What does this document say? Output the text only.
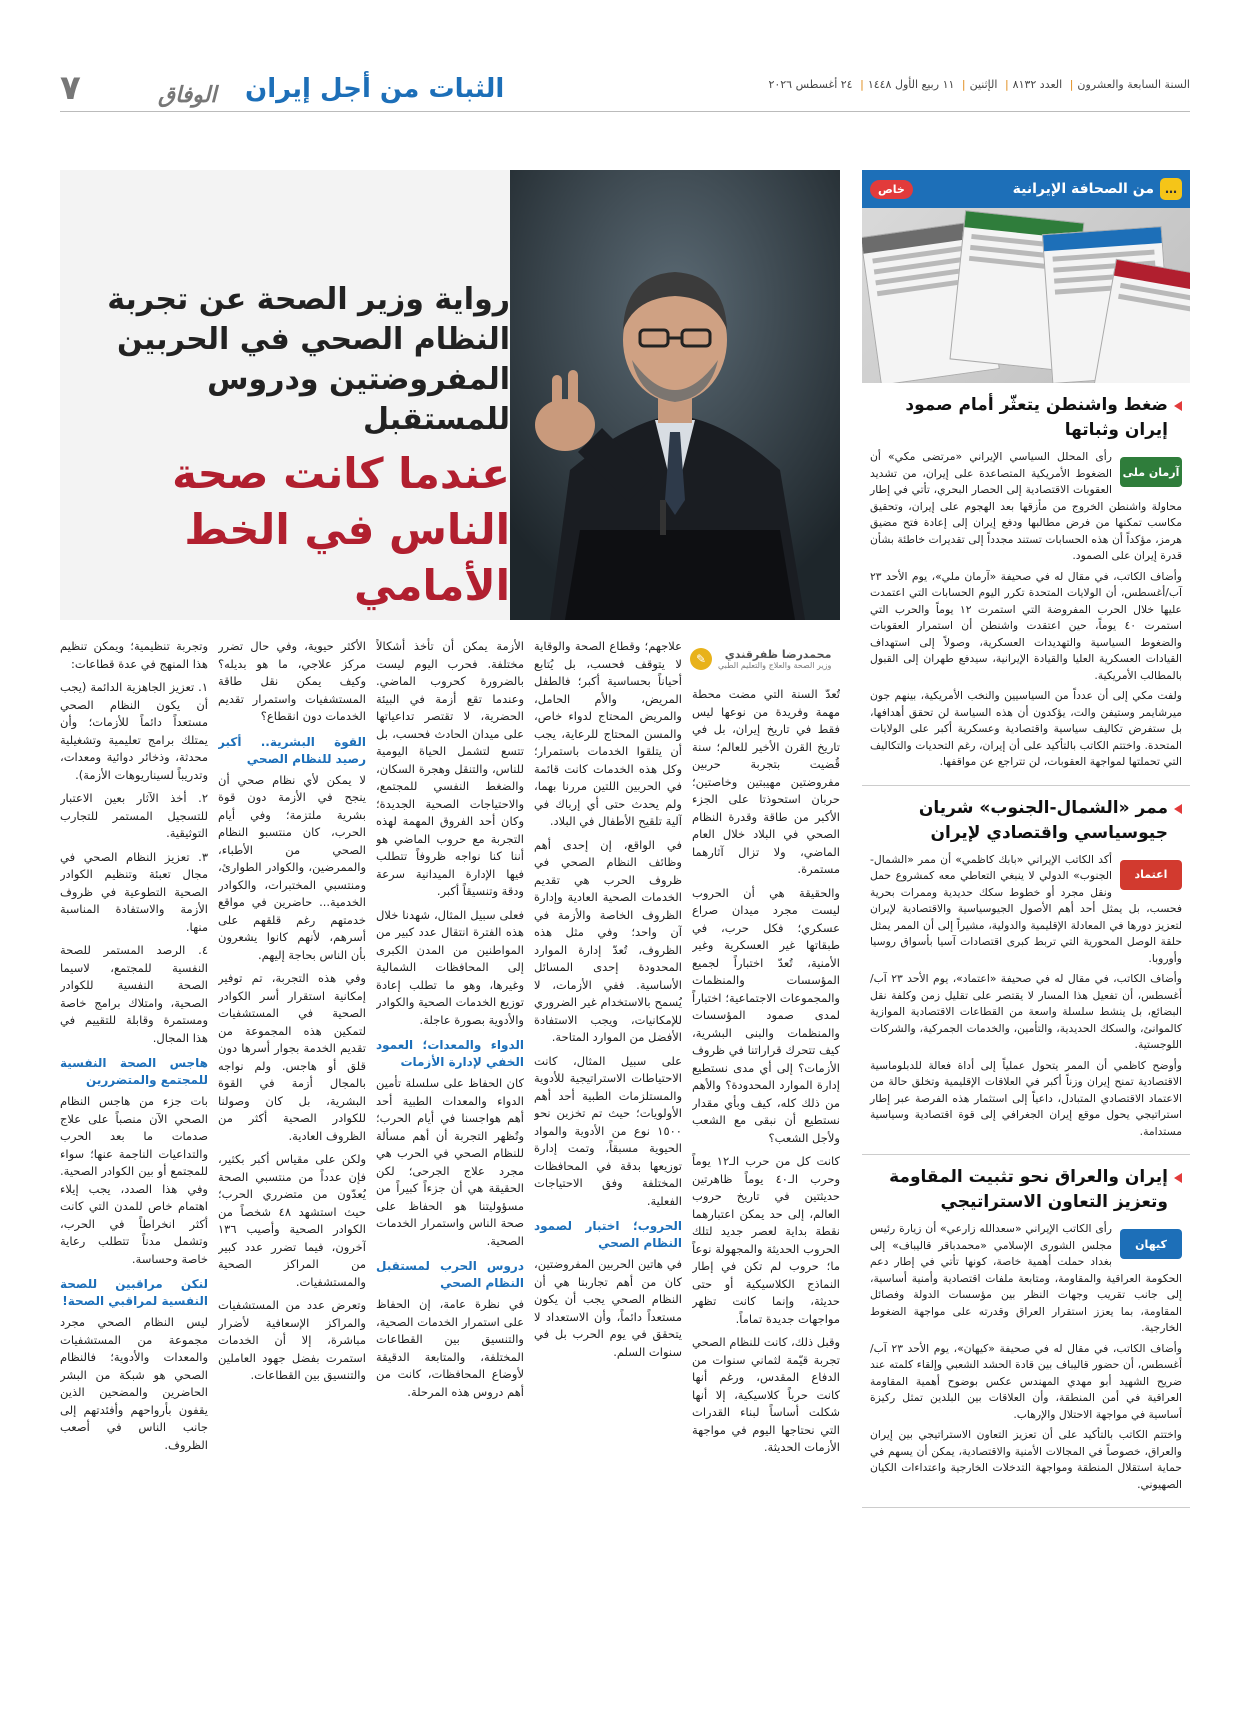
۷	الوفاق الثبات من أجل إيران	السنة السابعة والعشرون| العدد ۸۱۳۲| الإثنين| ۱۱ ربیع الأول ۱٤٤۸| ۲٤ أغسطس ۲۰۲٦
رواية وزير الصحة عن تجربة النظام الصحي في الحربين المفروضتين ودروس للمستقبل
عندما كانت صحة الناس في الخط الأمامي
محمدرضا ظفرقندي
وزير الصحة والعلاج والتعليم الطبي
✎

تُعدّ السنة التي مضت محطة مهمة وفريدة من نوعها ليس فقط في تاريخ إيران، بل في تاريخ القرن الأخير للعالم؛ سنة قُضيت بتجربة حربين مفروضتين مهيبتين وخاصتين؛ حربان استحوذتا على الجزء الأكبر من طاقة وقدرة النظام الصحي في البلاد خلال العام الماضي، ولا تزال آثارهما مستمرة.

والحقيقة هي أن الحروب ليست مجرد ميدان صراع عسكري؛ فكل حرب، في طبقاتها غير العسكرية وغير الأمنية، تُعدّ اختباراً لجميع المؤسسات والمنظمات والمجموعات الاجتماعية؛ اختباراً لمدى صمود المؤسسات والمنظمات والبنى البشرية، كيف تتحرك قراراتنا في ظروف الأزمات؟ إلى أي مدى نستطيع إدارة الموارد المحدودة؟ والأهم من ذلك كله، كيف وبأي مقدار نستطيع أن نبقى مع الشعب ولأجل الشعب؟

كانت كل من حرب الـ١٢ يوماً وحرب الـ٤٠ يوماً ظاهرتين حديثتين في تاريخ حروب العالم، إلى حد يمكن اعتبارهما نقطة بداية لعصر جديد لتلك الحروب الحديثة والمجهولة نوعاً ما؛ حروب لم تكن في إطار النماذج الكلاسيكية أو حتى حديثة، وإنما كانت تظهر مواجهات جديدة تماماً.

وقبل ذلك، كانت للنظام الصحي تجربة قيّمة لثماني سنوات من الدفاع المقدس، ورغم أنها كانت حرباً كلاسيكية، إلا أنها شكلت أساساً لبناء القدرات التي نحتاجها اليوم في مواجهة الأزمات الحديثة.

علاجهم؛ وقطاع الصحة والوقاية لا يتوقف فحسب، بل يُتابع أحياناً بحساسية أكبر؛ فالطفل المريض، والأم الحامل، والمريض المحتاج لدواء خاص، والمسن المحتاج للرعاية، يجب أن يتلقوا الخدمات باستمرار؛ وكل هذه الخدمات كانت قائمة في الحربين اللتين مررنا بهما، ولم يحدث حتى أي إرباك في آلية تلقيح الأطفال في البلاد.

في الواقع، إن إحدى أهم وظائف النظام الصحي في ظروف الحرب هي تقديم الخدمات الصحية العادية وإدارة الظروف الخاصة والأزمة في آن واحد؛ وفي مثل هذه الظروف، تُعدّ إدارة الموارد المحدودة إحدى المسائل الأساسية. ففي الأزمات، لا يُسمح بالاستخدام غير الضروري للإمكانيات، ويجب الاستفادة الأفضل من الموارد المتاحة.

على سبيل المثال، كانت الاحتياطات الاستراتيجية للأدوية والمستلزمات الطبية أحد أهم الأولويات؛ حيث تم تخزين نحو ١٥٠٠ نوع من الأدوية والمواد الحيوية مسبقاً، وتمت إدارة توزيعها بدقة في المحافظات المختلفة وفق الاحتياجات الفعلية.

الحروب؛ اختبار لصمود النظام الصحي

في هاتين الحربين المفروضتين، كان من أهم تجاربنا هي أن النظام الصحي يجب أن يكون مستعداً دائماً، وأن الاستعداد لا يتحقق في يوم الحرب بل في سنوات السلم.

الأزمة يمكن أن تأخذ أشكالاً مختلفة. فحرب اليوم ليست بالضرورة كحروب الماضي. وعندما تقع أزمة في البيئة الحضرية، لا تقتصر تداعياتها على ميدان الحادث فحسب، بل تتسع لتشمل الحياة اليومية للناس، والتنقل وهجرة السكان، والضغط النفسي للمجتمع، والاحتياجات الصحية الجديدة؛ وكان أحد الفروق المهمة لهذه التجربة مع حروب الماضي هو أننا كنا نواجه ظروفاً تتطلب فيها الإدارة الميدانية سرعة ودقة وتنسيقاً أكبر.

فعلى سبيل المثال، شهدنا خلال هذه الفترة انتقال عدد كبير من المواطنين من المدن الكبرى إلى المحافظات الشمالية وغيرها، وهو ما تطلب إعادة توزيع الخدمات الصحية والكوادر والأدوية بصورة عاجلة.

الدواء والمعدات؛ العمود الخفي لإدارة الأزمات

كان الحفاظ على سلسلة تأمين الدواء والمعدات الطبية أحد أهم هواجسنا في أيام الحرب؛ وتُظهر التجربة أن أهم مسألة للنظام الصحي في الحرب هي مجرد علاج الجرحى؛ لكن الحقيقة هي أن جزءاً كبيراً من مسؤوليتنا هو الحفاظ على صحة الناس واستمرار الخدمات الصحية.

دروس الحرب لمستقبل النظام الصحي

في نظرة عامة، إن الحفاظ على استمرار الخدمات الصحية، والتنسيق بين القطاعات المختلفة، والمتابعة الدقيقة لأوضاع المحافظات، كانت من أهم دروس هذه المرحلة.

الأكثر حيوية، وفي حال تضرر مركز علاجي، ما هو بديله؟ وكيف يمكن نقل طاقة المستشفيات واستمرار تقديم الخدمات دون انقطاع؟

القوة البشرية.. أكبر رصيد للنظام الصحي

لا يمكن لأي نظام صحي أن ينجح في الأزمة دون قوة بشرية ملتزمة؛ وفي أيام الحرب، كان منتسبو النظام الصحي من الأطباء، والممرضين، والكوادر الطوارئ، ومنتسبي المختبرات، والكوادر الخدمية... حاضرين في مواقع خدمتهم رغم قلقهم على أسرهم، لأنهم كانوا يشعرون بأن الناس بحاجة إليهم.

وفي هذه التجربة، تم توفير إمكانية استقرار أسر الكوادر الصحية في المستشفيات لتمكين هذه المجموعة من تقديم الخدمة بجوار أسرها دون قلق أو هاجس. ولم نواجه بالمجال أزمة في القوة البشرية، بل كان وصولنا للكوادر الصحية أكثر من الظروف العادية.

ولكن على مقياس أكبر بكثير، فإن عدداً من منتسبي الصحة يُعدّون من متضرري الحرب؛ حيث استشهد ٤٨ شخصاً من الكوادر الصحية وأصيب ١٣٦ آخرون، فيما تضرر عدد كبير من المراكز الصحية والمستشفيات.

وتعرض عدد من المستشفيات والمراكز الإسعافية لأضرار مباشرة، إلا أن الخدمات استمرت بفضل جهود العاملين والتنسيق بين القطاعات.

وتجربة تنظيمية؛ ويمكن تنظيم هذا المنهج في عدة قطاعات:

١. تعزيز الجاهزية الدائمة (يجب أن يكون النظام الصحي مستعداً دائماً للأزمات؛ وأن يمتلك برامج تعليمية وتشغيلية محدثة، وذخائر دوائية ومعدات، وتدريباً لسيناريوهات الأزمة).

٢. أخذ الآثار بعين الاعتبار للتسجيل المستمر للتجارب التوثيقية.

٣. تعزيز النظام الصحي في مجال تعبئة وتنظيم الكوادر الصحية التطوعية في ظروف الأزمة والاستفادة المناسبة منها.

٤. الرصد المستمر للصحة النفسية للمجتمع، لاسيما الصحة النفسية للكوادر الصحية، وامتلاك برامج خاصة ومستمرة وقابلة للتقييم في هذا المجال.

هاجس الصحة النفسية للمجتمع والمتضررين

بات جزء من هاجس النظام الصحي الآن منصباً على علاج صدمات ما بعد الحرب والتداعيات الناجمة عنها؛ سواء للمجتمع أو بين الكوادر الصحية. وفي هذا الصدد، يجب إيلاء اهتمام خاص للمدن التي كانت أكثر انخراطاً في الحرب، وتشمل مدناً تتطلب رعاية خاصة وحساسة.

لنكن مراقبين للصحة النفسية لمراقبي الصحة!

ليس النظام الصحي مجرد مجموعة من المستشفيات والمعدات والأدوية؛ فالنظام الصحي هو شبكة من البشر الحاضرين والمضحين الذين يقفون بأرواحهم وأفئدتهم إلى جانب الناس في أصعب الظروف.

…
من الصحافة الإيرانية
خاص
ضغط واشنطن يتعثّر أمام صمود إيران وثباتها
آرمان ملی

رأى المحلل السياسي الإيراني «مرتضى مكي» أن الضغوط الأمريكية المتصاعدة على إيران، من تشديد العقوبات الاقتصادية إلى الحصار البحري، تأتي في إطار محاولة واشنطن الخروج من مأزقها بعد الهجوم على إيران، وتحقيق مكاسب تمكنها من فرض مطالبها ودفع إيران إلى إعادة فتح مضيق هرمز، مؤكداً أن هذه الحسابات تستند مجدداً إلى تقديرات خاطئة بشأن قدرة إيران على الصمود.

وأضاف الكاتب، في مقال له في صحيفة «آرمان ملي»، يوم الأحد ٢٣ آب/أغسطس، أن الولايات المتحدة تكرر اليوم الحسابات التي اعتمدت عليها خلال الحرب المفروضة التي استمرت ١٢ يوماً والحرب التي استمرت ٤٠ يوماً، حين اعتقدت واشنطن أن استمرار العقوبات والضغوط السياسية والتهديدات العسكرية، وصولاً إلى استهداف القيادات العسكرية العليا والقيادة الإيرانية، سيدفع طهران إلى القبول بالمطالب الأمريكية.

ولفت مكي إلى أن عدداً من السياسيين والنخب الأمريكية، بينهم جون ميرشايمر وستيفن والت، يؤكدون أن هذه السياسة لن تحقق أهدافها، بل ستفرض تكاليف سياسية واقتصادية وعسكرية أكبر على الولايات المتحدة. واختتم الكاتب بالتأكيد على أن إيران، رغم التحديات والتكاليف التي تحملتها لمواجهة العقوبات، لن تتراجع عن مواقفها.

ممر «الشمال-الجنوب» شريان جيوسياسي واقتصادي لإيران
اعتماد

أكد الكاتب الإيراني «بابك كاظمي» أن ممر «الشمال-الجنوب» الدولي لا ينبغي التعاطي معه كمشروع حمل ونقل مجرد أو خطوط سكك حديدية وممرات بحرية فحسب، بل يمثل أحد أهم الأصول الجيوسياسية والاقتصادية لإيران لتعزيز دورها في المعادلة الإقليمية والدولية، مشيراً إلى أن الممر يمثل حلقة الوصل المحورية التي تربط كبرى اقتصادات آسيا بأسواق روسيا وأوروبا.

وأضاف الكاتب، في مقال له في صحيفة «اعتماد»، يوم الأحد ٢٣ آب/أغسطس، أن تفعيل هذا المسار لا يقتصر على تقليل زمن وكلفة نقل البضائع، بل ينشط سلسلة واسعة من القطاعات الاقتصادية الموازية كالموانئ، والسكك الحديدية، والتأمين، والخدمات الجمركية، والشركات اللوجستية.

وأوضح كاظمي أن الممر يتحول عملياً إلى أداة فعالة للدبلوماسية الاقتصادية تمنح إيران وزناً أكبر في العلاقات الإقليمية وتخلق حالة من الاعتماد الاقتصادي المتبادل، داعياً إلى استثمار هذه الفرصة عبر إطار استراتيجي يحول موقع إيران الجغرافي إلى قوة اقتصادية وسياسية مستدامة.

إيران والعراق نحو تثبيت المقاومة وتعزيز التعاون الاستراتيجي
کیهان

رأى الكاتب الإيراني «سعدالله زارعي» أن زيارة رئيس مجلس الشورى الإسلامي «محمدباقر قاليباف» إلى بغداد حملت أهمية خاصة، كونها تأتي في إطار دعم الحكومة العراقية والمقاومة، ومتابعة ملفات اقتصادية وأمنية أساسية، إلى جانب تقريب وجهات النظر بين مؤسسات الدولة وفصائل المقاومة، بما يعزز استقرار العراق وقدرته على مواجهة الضغوط الخارجية.

وأضاف الكاتب، في مقال له في صحيفة «كيهان»، يوم الأحد ٢٣ آب/أغسطس، أن حضور قاليباف بين قادة الحشد الشعبي وإلقاء كلمته عند ضريح الشهيد أبو مهدي المهندس عكس بوضوح أهمية المقاومة العراقية في أمن المنطقة، وأن العلاقات بين البلدين تمثل ركيزة أساسية في مواجهة الاحتلال والإرهاب.

واختتم الكاتب بالتأكيد على أن تعزيز التعاون الاستراتيجي بين إيران والعراق، خصوصاً في المجالات الأمنية والاقتصادية، يمكن أن يسهم في حماية استقلال المنطقة ومواجهة التدخلات الخارجية واعتداءات الكيان الصهيوني.
